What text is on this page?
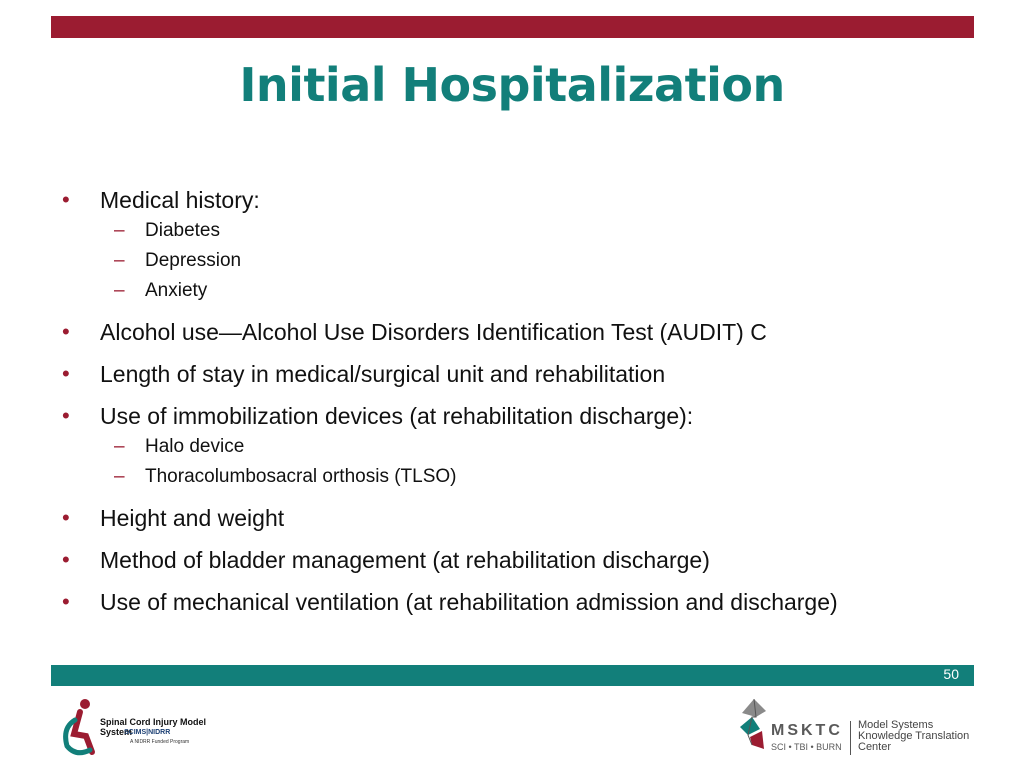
Initial Hospitalization
• Medical history:
– Diabetes
– Depression
– Anxiety
• Alcohol use—Alcohol Use Disorders Identification Test (AUDIT) C
• Length of stay in medical/surgical unit and rehabilitation
• Use of immobilization devices (at rehabilitation discharge):
– Halo device
– Thoracolumbosacral orthosis (TLSO)
• Height and weight
• Method of bladder management (at rehabilitation discharge)
• Use of mechanical ventilation (at rehabilitation admission and discharge)
50
Spinal Cord Injury Model System
SCIMS|NIDRR
A NIDRR Funded Program
MSKTC
SCI • TBI • BURN
Model Systems Knowledge Translation Center
